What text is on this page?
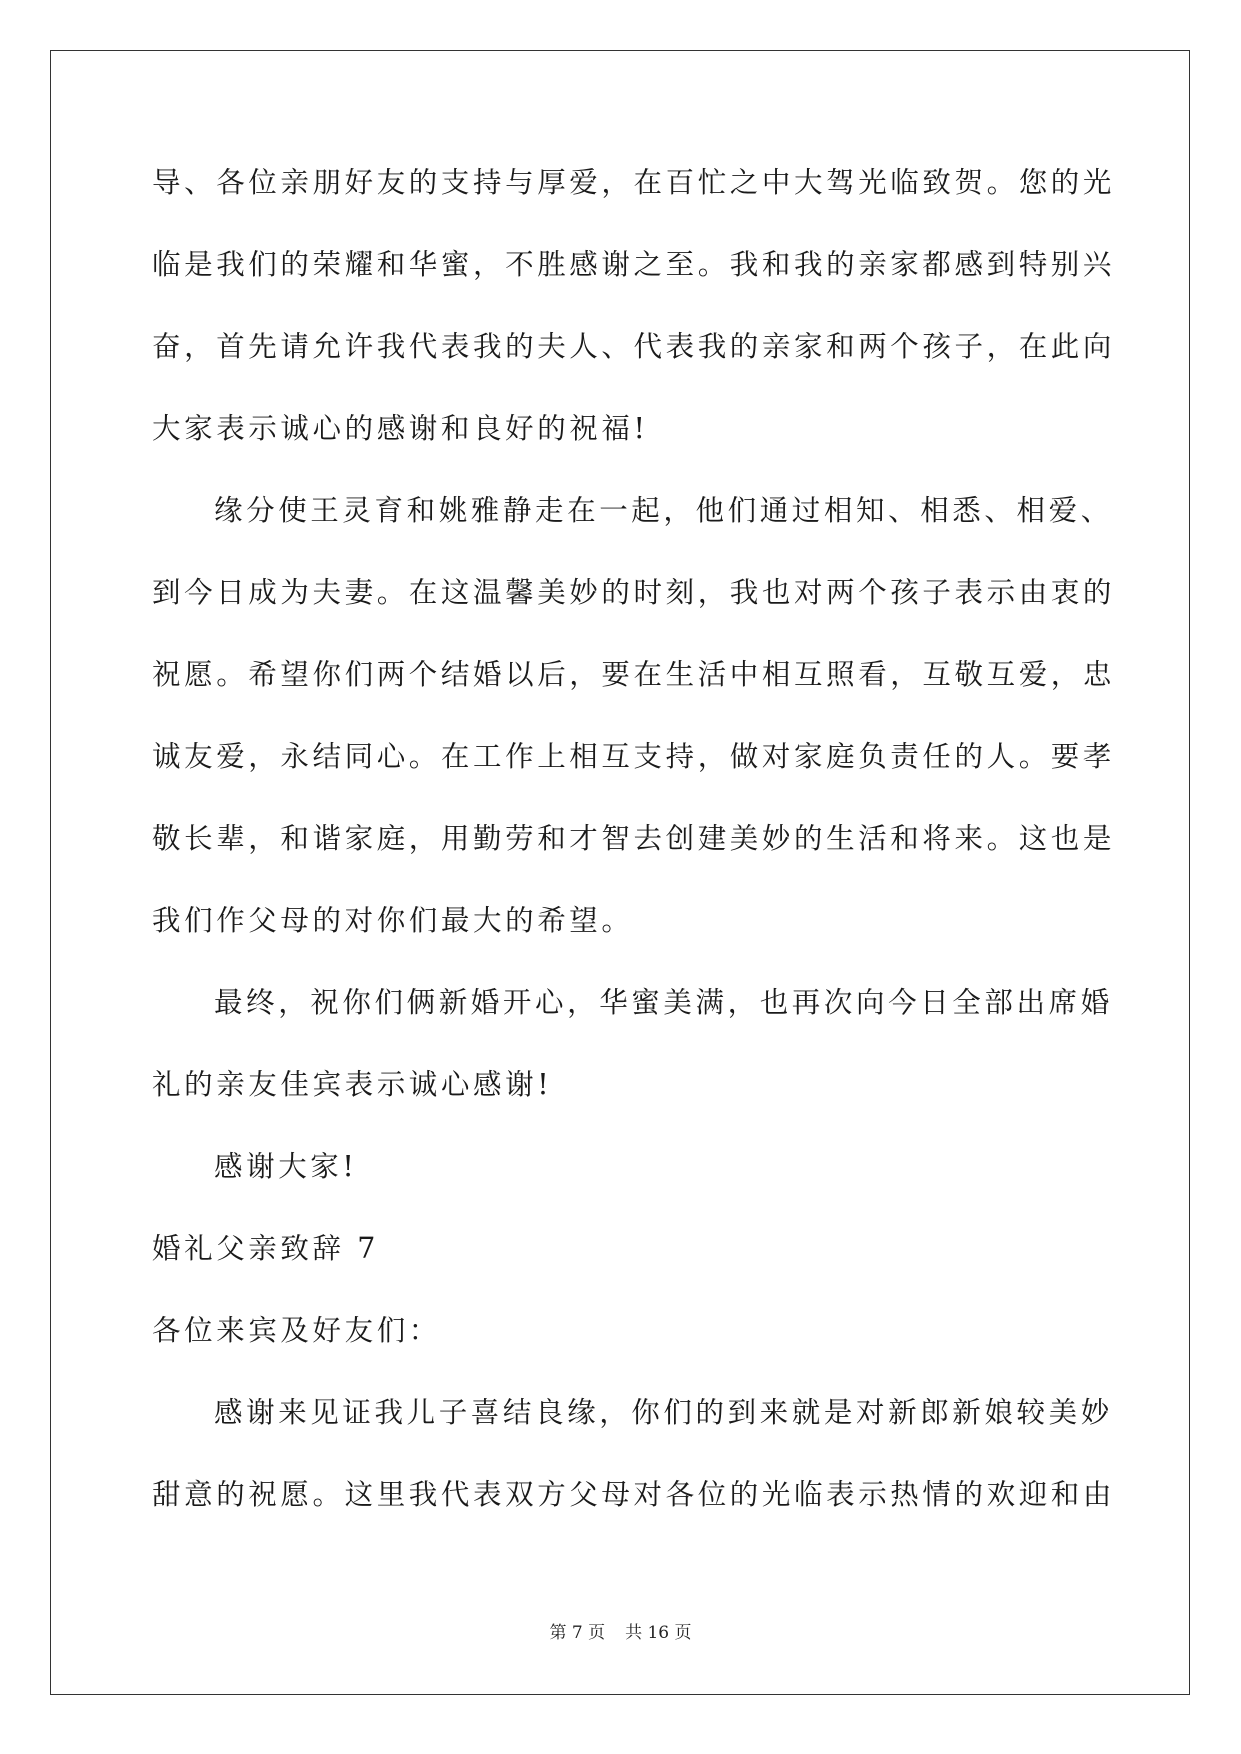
导、各位亲朋好友的支持与厚爱，在百忙之中大驾光临致贺。您的光
临是我们的荣耀和华蜜，不胜感谢之至。我和我的亲家都感到特别兴
奋，首先请允许我代表我的夫人、代表我的亲家和两个孩子，在此向
大家表示诚心的感谢和良好的祝福!
缘分使王灵育和姚雅静走在一起，他们通过相知、相悉、相爱、
到今日成为夫妻。在这温馨美妙的时刻，我也对两个孩子表示由衷的
祝愿。希望你们两个结婚以后，要在生活中相互照看，互敬互爱，忠
诚友爱，永结同心。在工作上相互支持，做对家庭负责任的人。要孝
敬长辈，和谐家庭，用勤劳和才智去创建美妙的生活和将来。这也是
我们作父母的对你们最大的希望。
最终，祝你们俩新婚开心，华蜜美满，也再次向今日全部出席婚
礼的亲友佳宾表示诚心感谢!
感谢大家!
婚礼父亲致辞 7
各位来宾及好友们：
感谢来见证我儿子喜结良缘，你们的到来就是对新郎新娘较美妙
甜意的祝愿。这里我代表双方父母对各位的光临表示热情的欢迎和由
第 7 页 共 16 页
